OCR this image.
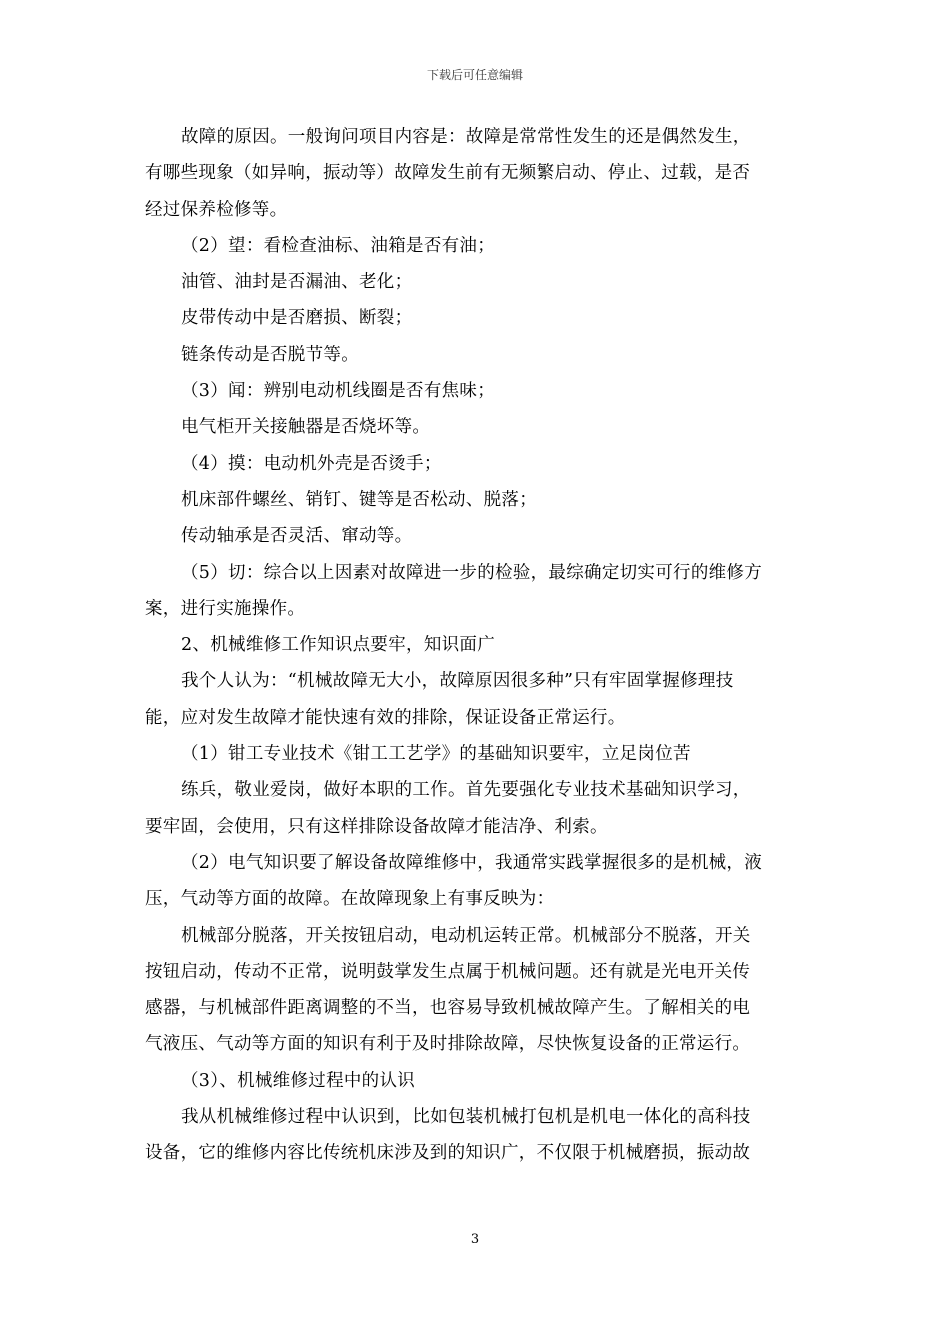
下载后可任意编辑
故障的原因。一般询问项目内容是：故障是常常性发生的还是偶然发生，
有哪些现象（如异响，振动等）故障发生前有无频繁启动、停止、过载，是否
经过保养检修等。
（2）望：看检查油标、油箱是否有油；
油管、油封是否漏油、老化；
皮带传动中是否磨损、断裂；
链条传动是否脱节等。
（3）闻：辨别电动机线圈是否有焦味；
电气柜开关接触器是否烧坏等。
（4）摸：电动机外壳是否烫手；
机床部件螺丝、销钉、键等是否松动、脱落；
传动轴承是否灵活、窜动等。
（5）切：综合以上因素对故障进一步的检验，最综确定切实可行的维修方
案，进行实施操作。
2、机械维修工作知识点要牢，知识面广
我个人认为：“机械故障无大小，故障原因很多种”只有牢固掌握修理技
能，应对发生故障才能快速有效的排除，保证设备正常运行。
（1）钳工专业技术《钳工工艺学》的基础知识要牢，立足岗位苦
练兵，敬业爱岗，做好本职的工作。首先要强化专业技术基础知识学习，
要牢固，会使用，只有这样排除设备故障才能洁净、利索。
（2）电气知识要了解设备故障维修中，我通常实践掌握很多的是机械，液
压，气动等方面的故障。在故障现象上有事反映为：
机械部分脱落，开关按钮启动，电动机运转正常。机械部分不脱落，开关
按钮启动，传动不正常，说明鼓掌发生点属于机械问题。还有就是光电开关传
感器，与机械部件距离调整的不当，也容易导致机械故障产生。了解相关的电
气液压、气动等方面的知识有利于及时排除故障，尽快恢复设备的正常运行。
（3）、机械维修过程中的认识
我从机械维修过程中认识到，比如包装机械打包机是机电一体化的高科技
设备，它的维修内容比传统机床涉及到的知识广，不仅限于机械磨损，振动故
3
